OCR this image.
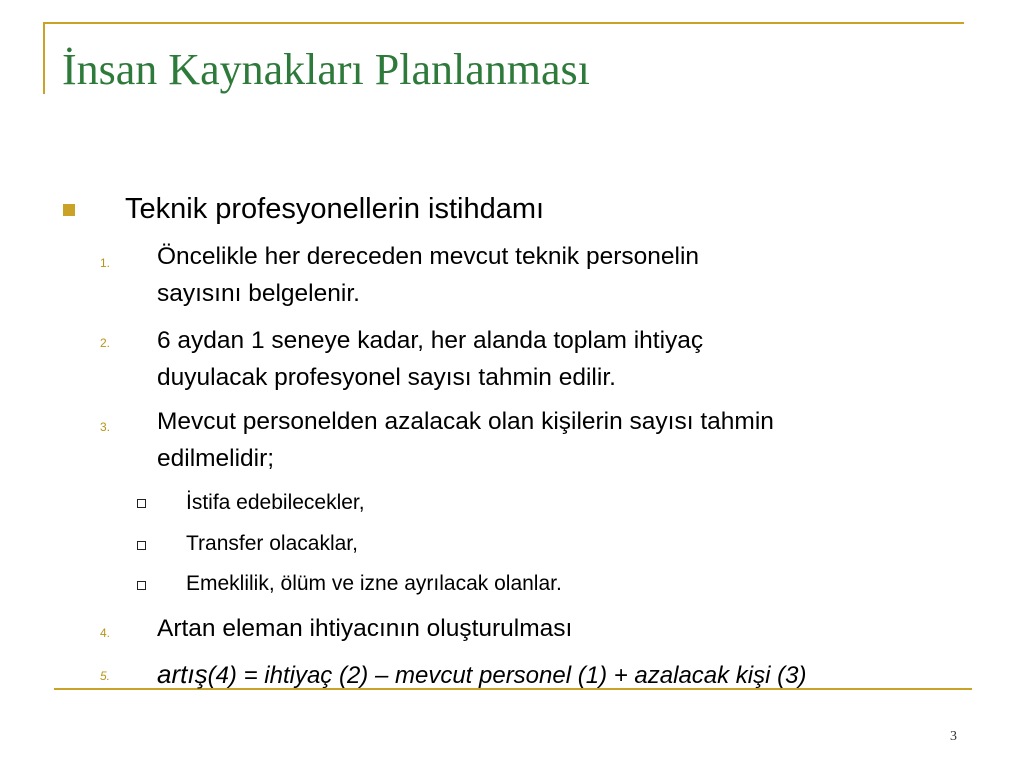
İnsan Kaynakları Planlanması
Teknik profesyonellerin istihdamı
1. Öncelikle her dereceden mevcut teknik personelin
sayısını belgelenir.
2. 6 aydan 1 seneye kadar, her alanda toplam ihtiyaç
duyulacak profesyonel sayısı tahmin edilir.
3. Mevcut personelden azalacak olan kişilerin sayısı tahmin
edilmelidir;
İstifa edebilecekler,
Transfer olacaklar,
Emeklilik, ölüm ve izne ayrılacak olanlar.
4. Artan eleman ihtiyacının oluşturulması
5. artış(4) = ihtiyaç (2) – mevcut personel (1) + azalacak kişi (3)
3
